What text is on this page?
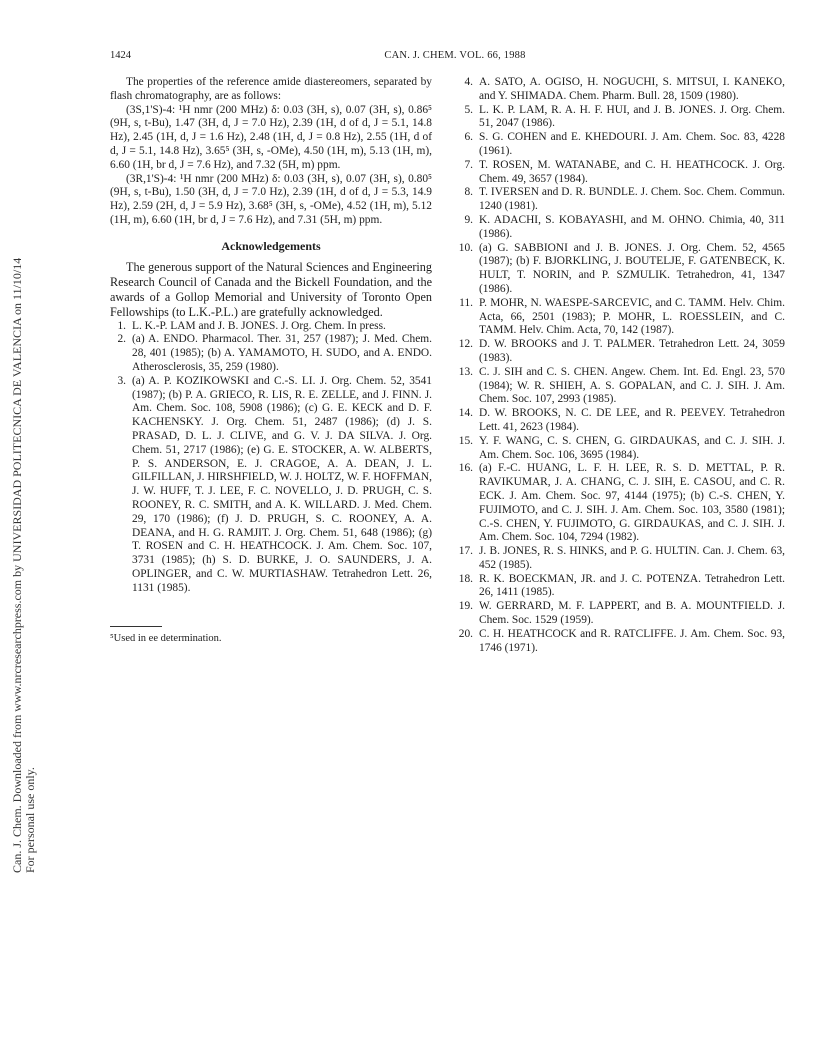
Can. J. Chem. Downloaded from www.nrcresearchpress.com by UNIVERSIDAD POLITECNICA DE VALENCIA on 11/10/14 For personal use only.
1424	CAN. J. CHEM. VOL. 66, 1988

The properties of the reference amide diastereomers, separated by flash chromatography, are as follows:

(3S,1'S)-4: ¹H nmr (200 MHz) δ: 0.03 (3H, s), 0.07 (3H, s), 0.86⁵ (9H, s, t-Bu), 1.47 (3H, d, J = 7.0 Hz), 2.39 (1H, d of d, J = 5.1, 14.8 Hz), 2.45 (1H, d, J = 1.6 Hz), 2.48 (1H, d, J = 0.8 Hz), 2.55 (1H, d of d, J = 5.1, 14.8 Hz), 3.65⁵ (3H, s, -OMe), 4.50 (1H, m), 5.13 (1H, m), 6.60 (1H, br d, J = 7.6 Hz), and 7.32 (5H, m) ppm.

(3R,1'S)-4: ¹H nmr (200 MHz) δ: 0.03 (3H, s), 0.07 (3H, s), 0.80⁵ (9H, s, t-Bu), 1.50 (3H, d, J = 7.0 Hz), 2.39 (1H, d of d, J = 5.3, 14.9 Hz), 2.59 (2H, d, J = 5.9 Hz), 3.68⁵ (3H, s, -OMe), 4.52 (1H, m), 5.12 (1H, m), 6.60 (1H, br d, J = 7.6 Hz), and 7.31 (5H, m) ppm.

Acknowledgements

The generous support of the Natural Sciences and Engineering Research Council of Canada and the Bickell Foundation, and the awards of a Gollop Memorial and University of Toronto Open Fellowships (to L.K.-P.L.) are gratefully acknowledged.

1. L. K.-P. LAM and J. B. JONES. J. Org. Chem. In press.
2. (a) A. ENDO. Pharmacol. Ther. 31, 257 (1987); J. Med. Chem. 28, 401 (1985); (b) A. YAMAMOTO, H. SUDO, and A. ENDO. Atherosclerosis, 35, 259 (1980).
3. (a) A. P. KOZIKOWSKI and C.-S. LI. J. Org. Chem. 52, 3541 (1987); (b) P. A. GRIECO, R. LIS, R. E. ZELLE, and J. FINN. J. Am. Chem. Soc. 108, 5908 (1986); (c) G. E. KECK and D. F. KACHENSKY. J. Org. Chem. 51, 2487 (1986); (d) J. S. PRASAD, D. L. J. CLIVE, and G. V. J. DA SILVA. J. Org. Chem. 51, 2717 (1986); (e) G. E. STOCKER, A. W. ALBERTS, P. S. ANDERSON, E. J. CRAGOE, A. A. DEAN, J. L. GILFILLAN, J. HIRSHFIELD, W. J. HOLTZ, W. F. HOFFMAN, J. W. HUFF, T. J. LEE, F. C. NOVELLO, J. D. PRUGH, C. S. ROONEY, R. C. SMITH, and A. K. WILLARD. J. Med. Chem. 29, 170 (1986); (f) J. D. PRUGH, S. C. ROONEY, A. A. DEANA, and H. G. RAMJIT. J. Org. Chem. 51, 648 (1986); (g) T. ROSEN and C. H. HEATHCOCK. J. Am. Chem. Soc. 107, 3731 (1985); (h) S. D. BURKE, J. O. SAUNDERS, J. A. OPLINGER, and C. W. MURTIASHAW. Tetrahedron Lett. 26, 1131 (1985).
⁵Used in ee determination.
4. A. SATO, A. OGISO, H. NOGUCHI, S. MITSUI, I. KANEKO, and Y. SHIMADA. Chem. Pharm. Bull. 28, 1509 (1980).
5. L. K. P. LAM, R. A. H. F. HUI, and J. B. JONES. J. Org. Chem. 51, 2047 (1986).
6. S. G. COHEN and E. KHEDOURI. J. Am. Chem. Soc. 83, 4228 (1961).
7. T. ROSEN, M. WATANABE, and C. H. HEATHCOCK. J. Org. Chem. 49, 3657 (1984).
8. T. IVERSEN and D. R. BUNDLE. J. Chem. Soc. Chem. Commun. 1240 (1981).
9. K. ADACHI, S. KOBAYASHI, and M. OHNO. Chimia, 40, 311 (1986).
10. (a) G. SABBIONI and J. B. JONES. J. Org. Chem. 52, 4565 (1987); (b) F. BJORKLING, J. BOUTELJE, F. GATENBECK, K. HULT, T. NORIN, and P. SZMULIK. Tetrahedron, 41, 1347 (1986).
11. P. MOHR, N. WAESPE-SARCEVIC, and C. TAMM. Helv. Chim. Acta, 66, 2501 (1983); P. MOHR, L. ROESSLEIN, and C. TAMM. Helv. Chim. Acta, 70, 142 (1987).
12. D. W. BROOKS and J. T. PALMER. Tetrahedron Lett. 24, 3059 (1983).
13. C. J. SIH and C. S. CHEN. Angew. Chem. Int. Ed. Engl. 23, 570 (1984); W. R. SHIEH, A. S. GOPALAN, and C. J. SIH. J. Am. Chem. Soc. 107, 2993 (1985).
14. D. W. BROOKS, N. C. DE LEE, and R. PEEVEY. Tetrahedron Lett. 41, 2623 (1984).
15. Y. F. WANG, C. S. CHEN, G. GIRDAUKAS, and C. J. SIH. J. Am. Chem. Soc. 106, 3695 (1984).
16. (a) F.-C. HUANG, L. F. H. LEE, R. S. D. METTAL, P. R. RAVIKUMAR, J. A. CHANG, C. J. SIH, E. CASOU, and C. R. ECK. J. Am. Chem. Soc. 97, 4144 (1975); (b) C.-S. CHEN, Y. FUJIMOTO, and C. J. SIH. J. Am. Chem. Soc. 103, 3580 (1981); C.-S. CHEN, Y. FUJIMOTO, G. GIRDAUKAS, and C. J. SIH. J. Am. Chem. Soc. 104, 7294 (1982).
17. J. B. JONES, R. S. HINKS, and P. G. HULTIN. Can. J. Chem. 63, 452 (1985).
18. R. K. BOECKMAN, JR. and J. C. POTENZA. Tetrahedron Lett. 26, 1411 (1985).
19. W. GERRARD, M. F. LAPPERT, and B. A. MOUNTFIELD. J. Chem. Soc. 1529 (1959).
20. C. H. HEATHCOCK and R. RATCLIFFE. J. Am. Chem. Soc. 93, 1746 (1971).
